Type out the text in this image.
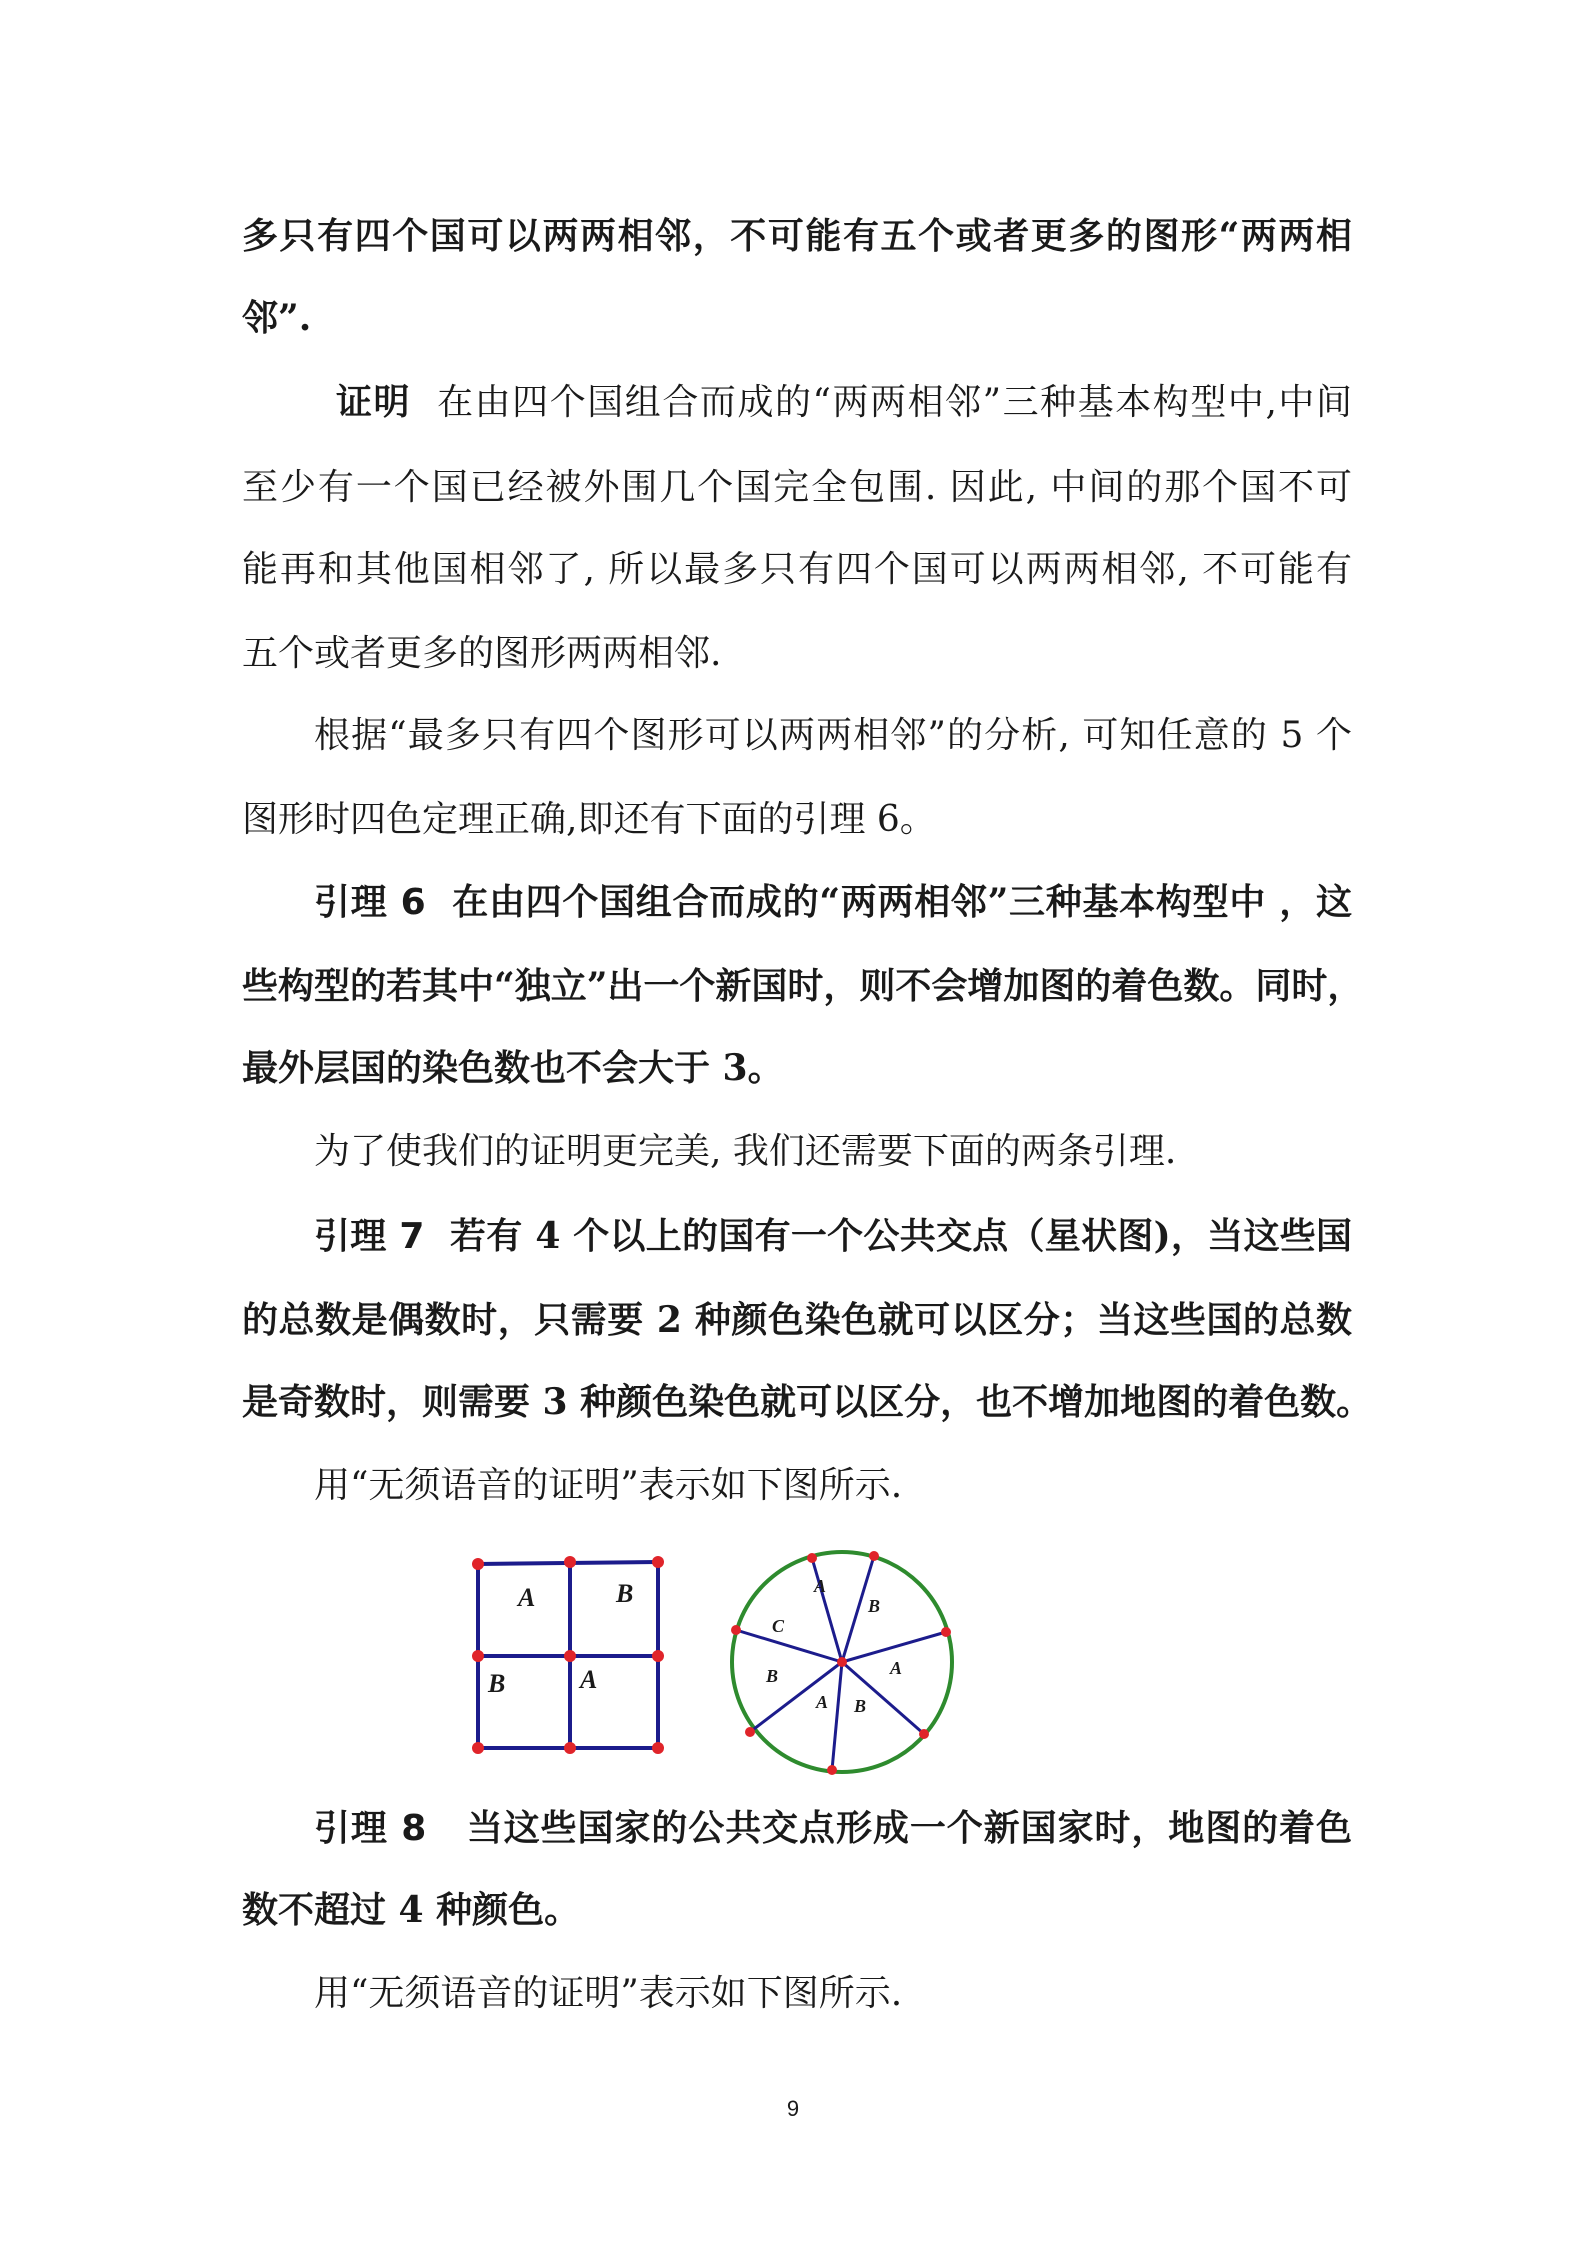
多只有四个国可以两两相邻，不可能有五个或者更多的图形“两两相
邻”.
证明 在由四个国组合而成的“两两相邻”三种基本构型中,中间
至少有一个国已经被外围几个国完全包围. 因此, 中间的那个国不可
能再和其他国相邻了, 所以最多只有四个国可以两两相邻, 不可能有
五个或者更多的图形两两相邻.
根据“最多只有四个图形可以两两相邻”的分析, 可知任意的 5 个
图形时四色定理正确,即还有下面的引理 6。
引理 6 在由四个国组合而成的“两两相邻”三种基本构型中 ，这
些构型的若其中“独立”出一个新国时，则不会增加图的着色数。同时，
最外层国的染色数也不会大于 3。
为了使我们的证明更完美, 我们还需要下面的两条引理.
引理 7 若有 4 个以上的国有一个公共交点（星状图)，当这些国
的总数是偶数时，只需要 2 种颜色染色就可以区分；当这些国的总数
是奇数时，则需要 3 种颜色染色就可以区分，也不增加地图的着色数。
用“无须语音的证明”表示如下图所示.
A	B
B	A
A
B
A
B
A
B
C
引理 8 当这些国家的公共交点形成一个新国家时，地图的着色
数不超过 4 种颜色。
用“无须语音的证明”表示如下图所示.
9
